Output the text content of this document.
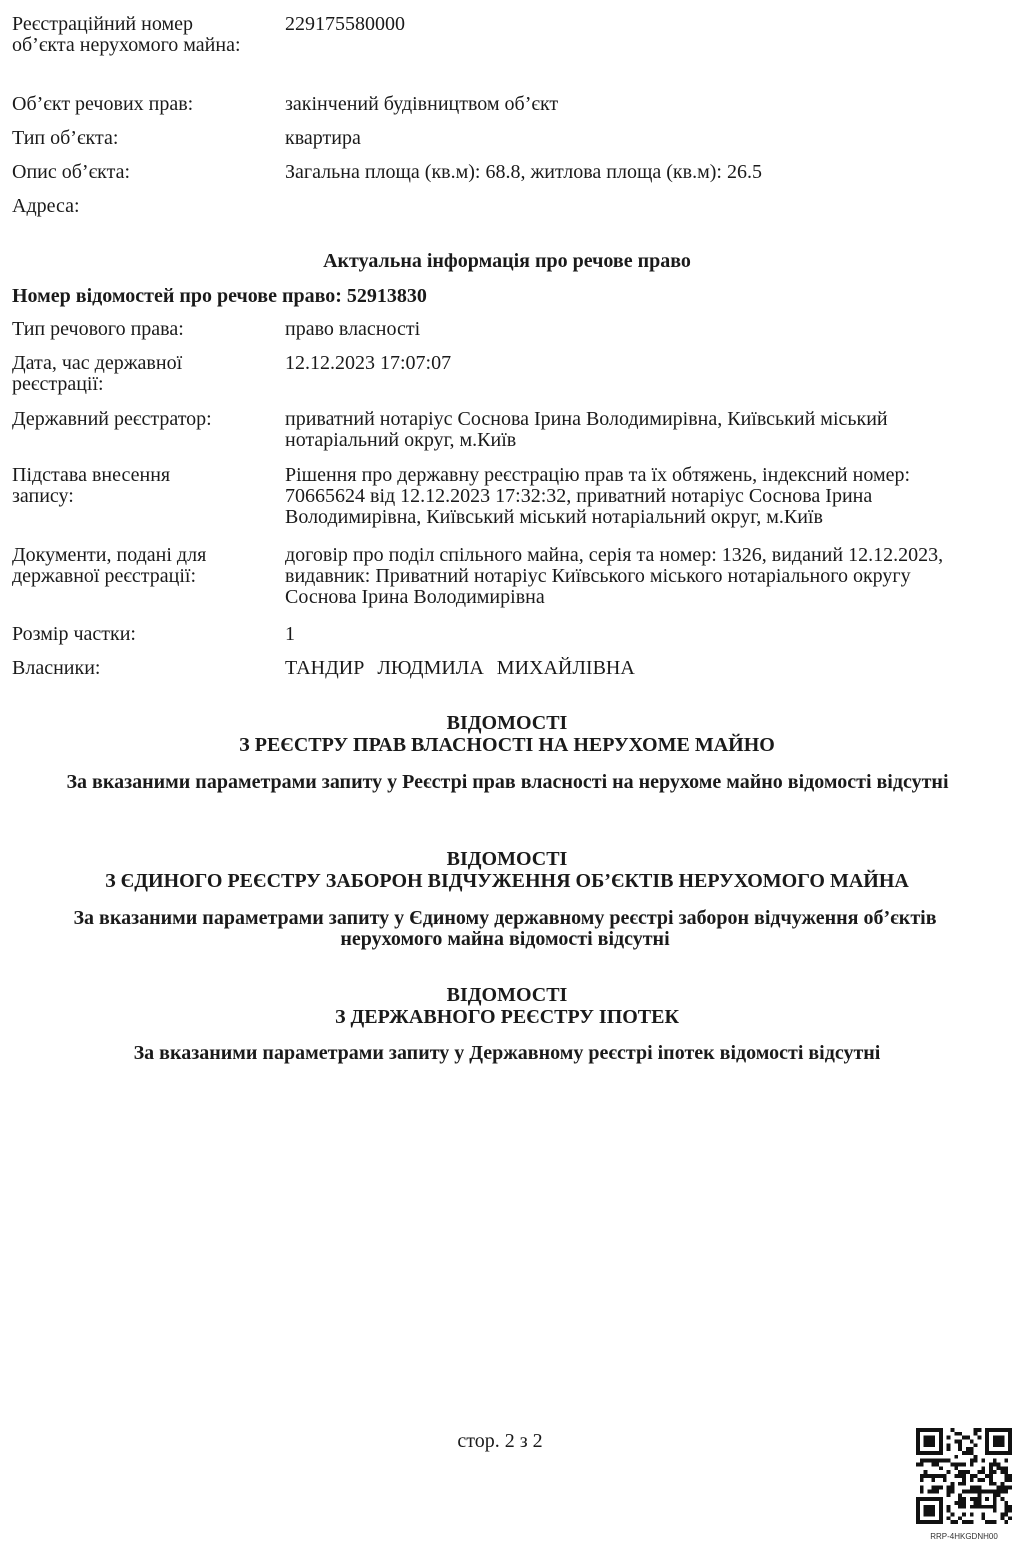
Реєстраційний номер об’єкта нерухомого майна:
229175580000
Об’єкт речових прав:	закінчений будівництвом об’єкт
Тип об’єкта:	квартира
Опис об’єкта:	Загальна площа (кв.м): 68.8, житлова площа (кв.м): 26.5
Адреса:
Актуальна інформація про речове право
Номер відомостей про речове право: 52913830
Тип речового права:	право власності
Дата, час державної реєстрації:
12.12.2023 17:07:07
Державний реєстратор:	приватний нотаріус Соснова Ірина Володимирівна, Київський міський нотаріальний округ, м.Київ
Підстава внесення запису:
Рішення про державну реєстрацію прав та їх обтяжень, індексний номер: 70665624 від 12.12.2023 17:32:32, приватний нотаріус Соснова Ірина Володимирівна, Київський міський нотаріальний округ, м.Київ
Документи, подані для державної реєстрації:
договір про поділ спільного майна, серія та номер: 1326, виданий 12.12.2023, видавник: Приватний нотаріус Київського міського нотаріального округу Соснова Ірина Володимирівна
Розмір частки:	1
Власники:	ТАНДИР ЛЮДМИЛА МИХАЙЛІВНА
ВІДОМОСТІ
З РЕЄСТРУ ПРАВ ВЛАСНОСТІ НА НЕРУХОМЕ МАЙНО
За вказаними параметрами запиту у Реєстрі прав власності на нерухоме майно відомості відсутні
ВІДОМОСТІ
З ЄДИНОГО РЕЄСТРУ ЗАБОРОН ВІДЧУЖЕННЯ ОБ’ЄКТІВ НЕРУХОМОГО МАЙНА
За вказаними параметрами запиту у Єдиному державному реєстрі заборон відчуження об’єктів нерухомого майна відомості відсутні
ВІДОМОСТІ
З ДЕРЖАВНОГО РЕЄСТРУ ІПОТЕК
За вказаними параметрами запиту у Державному реєстрі іпотек відомості відсутні
стор. 2 з 2
RRP-4HKGDNH00
